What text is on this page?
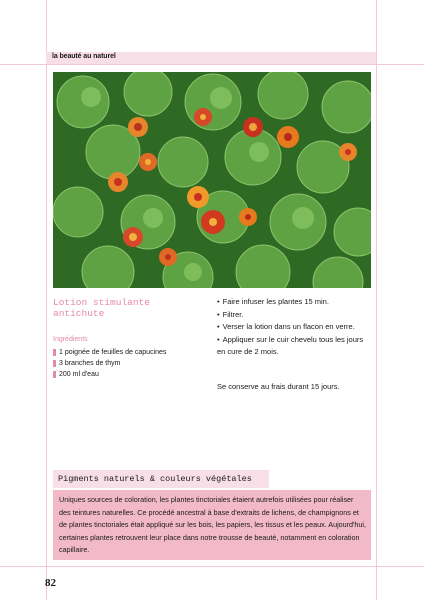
la beauté au naturel
Lotion stimulante
antichute
Ingrédients
1 poignée de feuilles de capucines
3 branches de thym
200 ml d'eau
• Faire infuser les plantes 15 min.
• Filtrer.
• Verser la lotion dans un flacon en verre.
• Appliquer sur le cuir chevelu tous les jours en cure de 2 mois.
Se conserve au frais durant 15 jours.
Pigments naturels & couleurs végétales

Uniques sources de coloration, les plantes tinctoriales étaient autrefois utilisées pour réaliser des teintures naturelles. Ce procédé ancestral à base d'extraits de lichens, de champignons et de plantes tinctoriales était appliqué sur les bois, les papiers, les tissus et les peaux. Aujourd'hui, certaines plantes retrouvent leur place dans notre trousse de beauté, notamment en coloration capillaire.

82
